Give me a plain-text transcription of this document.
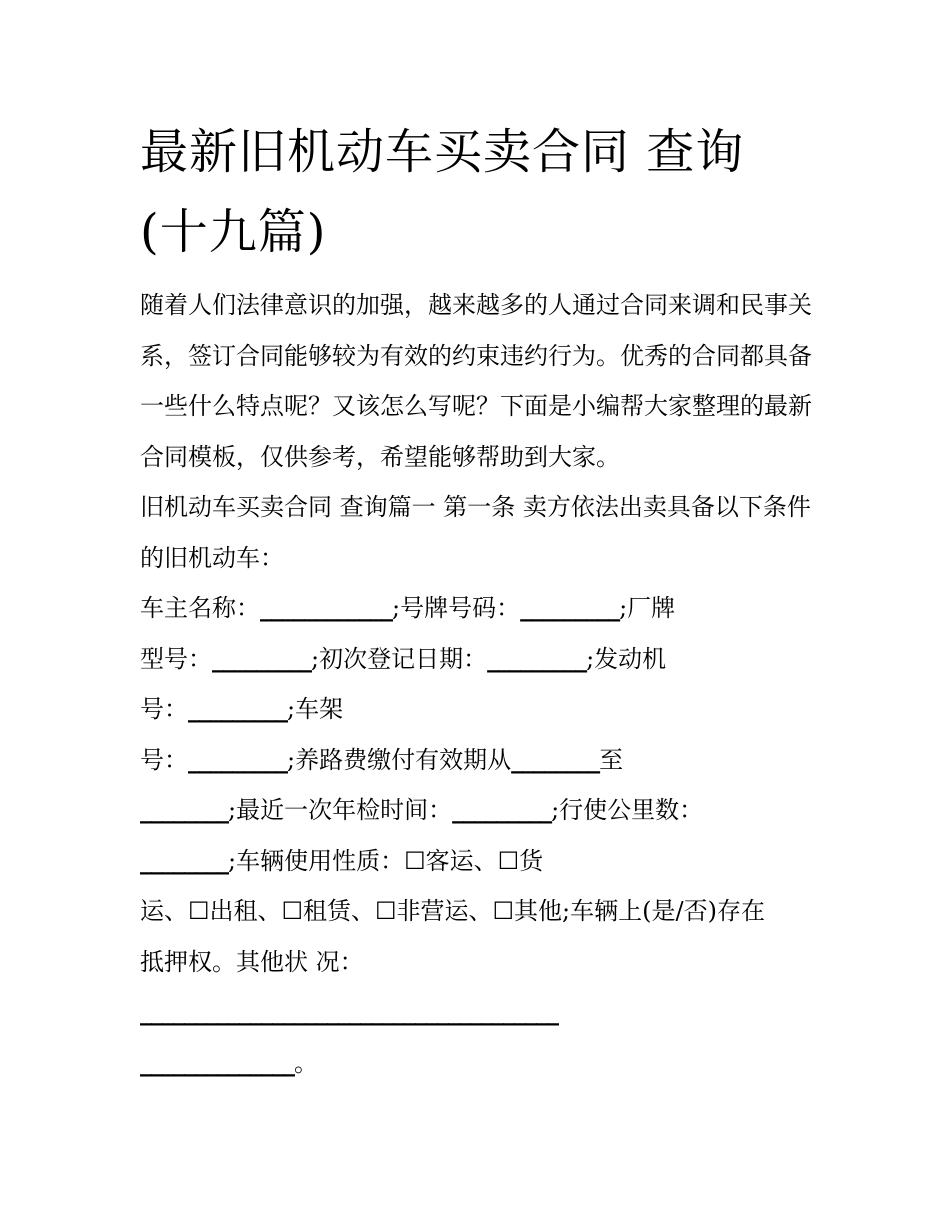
最新旧机动车买卖合同 查询
(十九篇)

随着人们法律意识的加强，越来越多的人通过合同来调和民事关系，签订合同能够较为有效的约束违约行为。优秀的合同都具备一些什么特点呢？又该怎么写呢？下面是小编帮大家整理的最新合同模板，仅供参考，希望能够帮助到大家。

旧机动车买卖合同 查询篇一 第一条 卖方依法出卖具备以下条件的旧机动车：

车主名称：____________;号牌号码：_________;厂牌
型号：_________;初次登记日期：_________;发动机
号：_________;车架
号：_________;养路费缴付有效期从________至
________;最近一次年检时间：_________;行使公里数：
________;车辆使用性质：☐客运、☐货
运、☐出租、☐租赁、☐非营运、☐其他;车辆上(是/否)存在
抵押权。其他状 况：
______________________________________
______________。
